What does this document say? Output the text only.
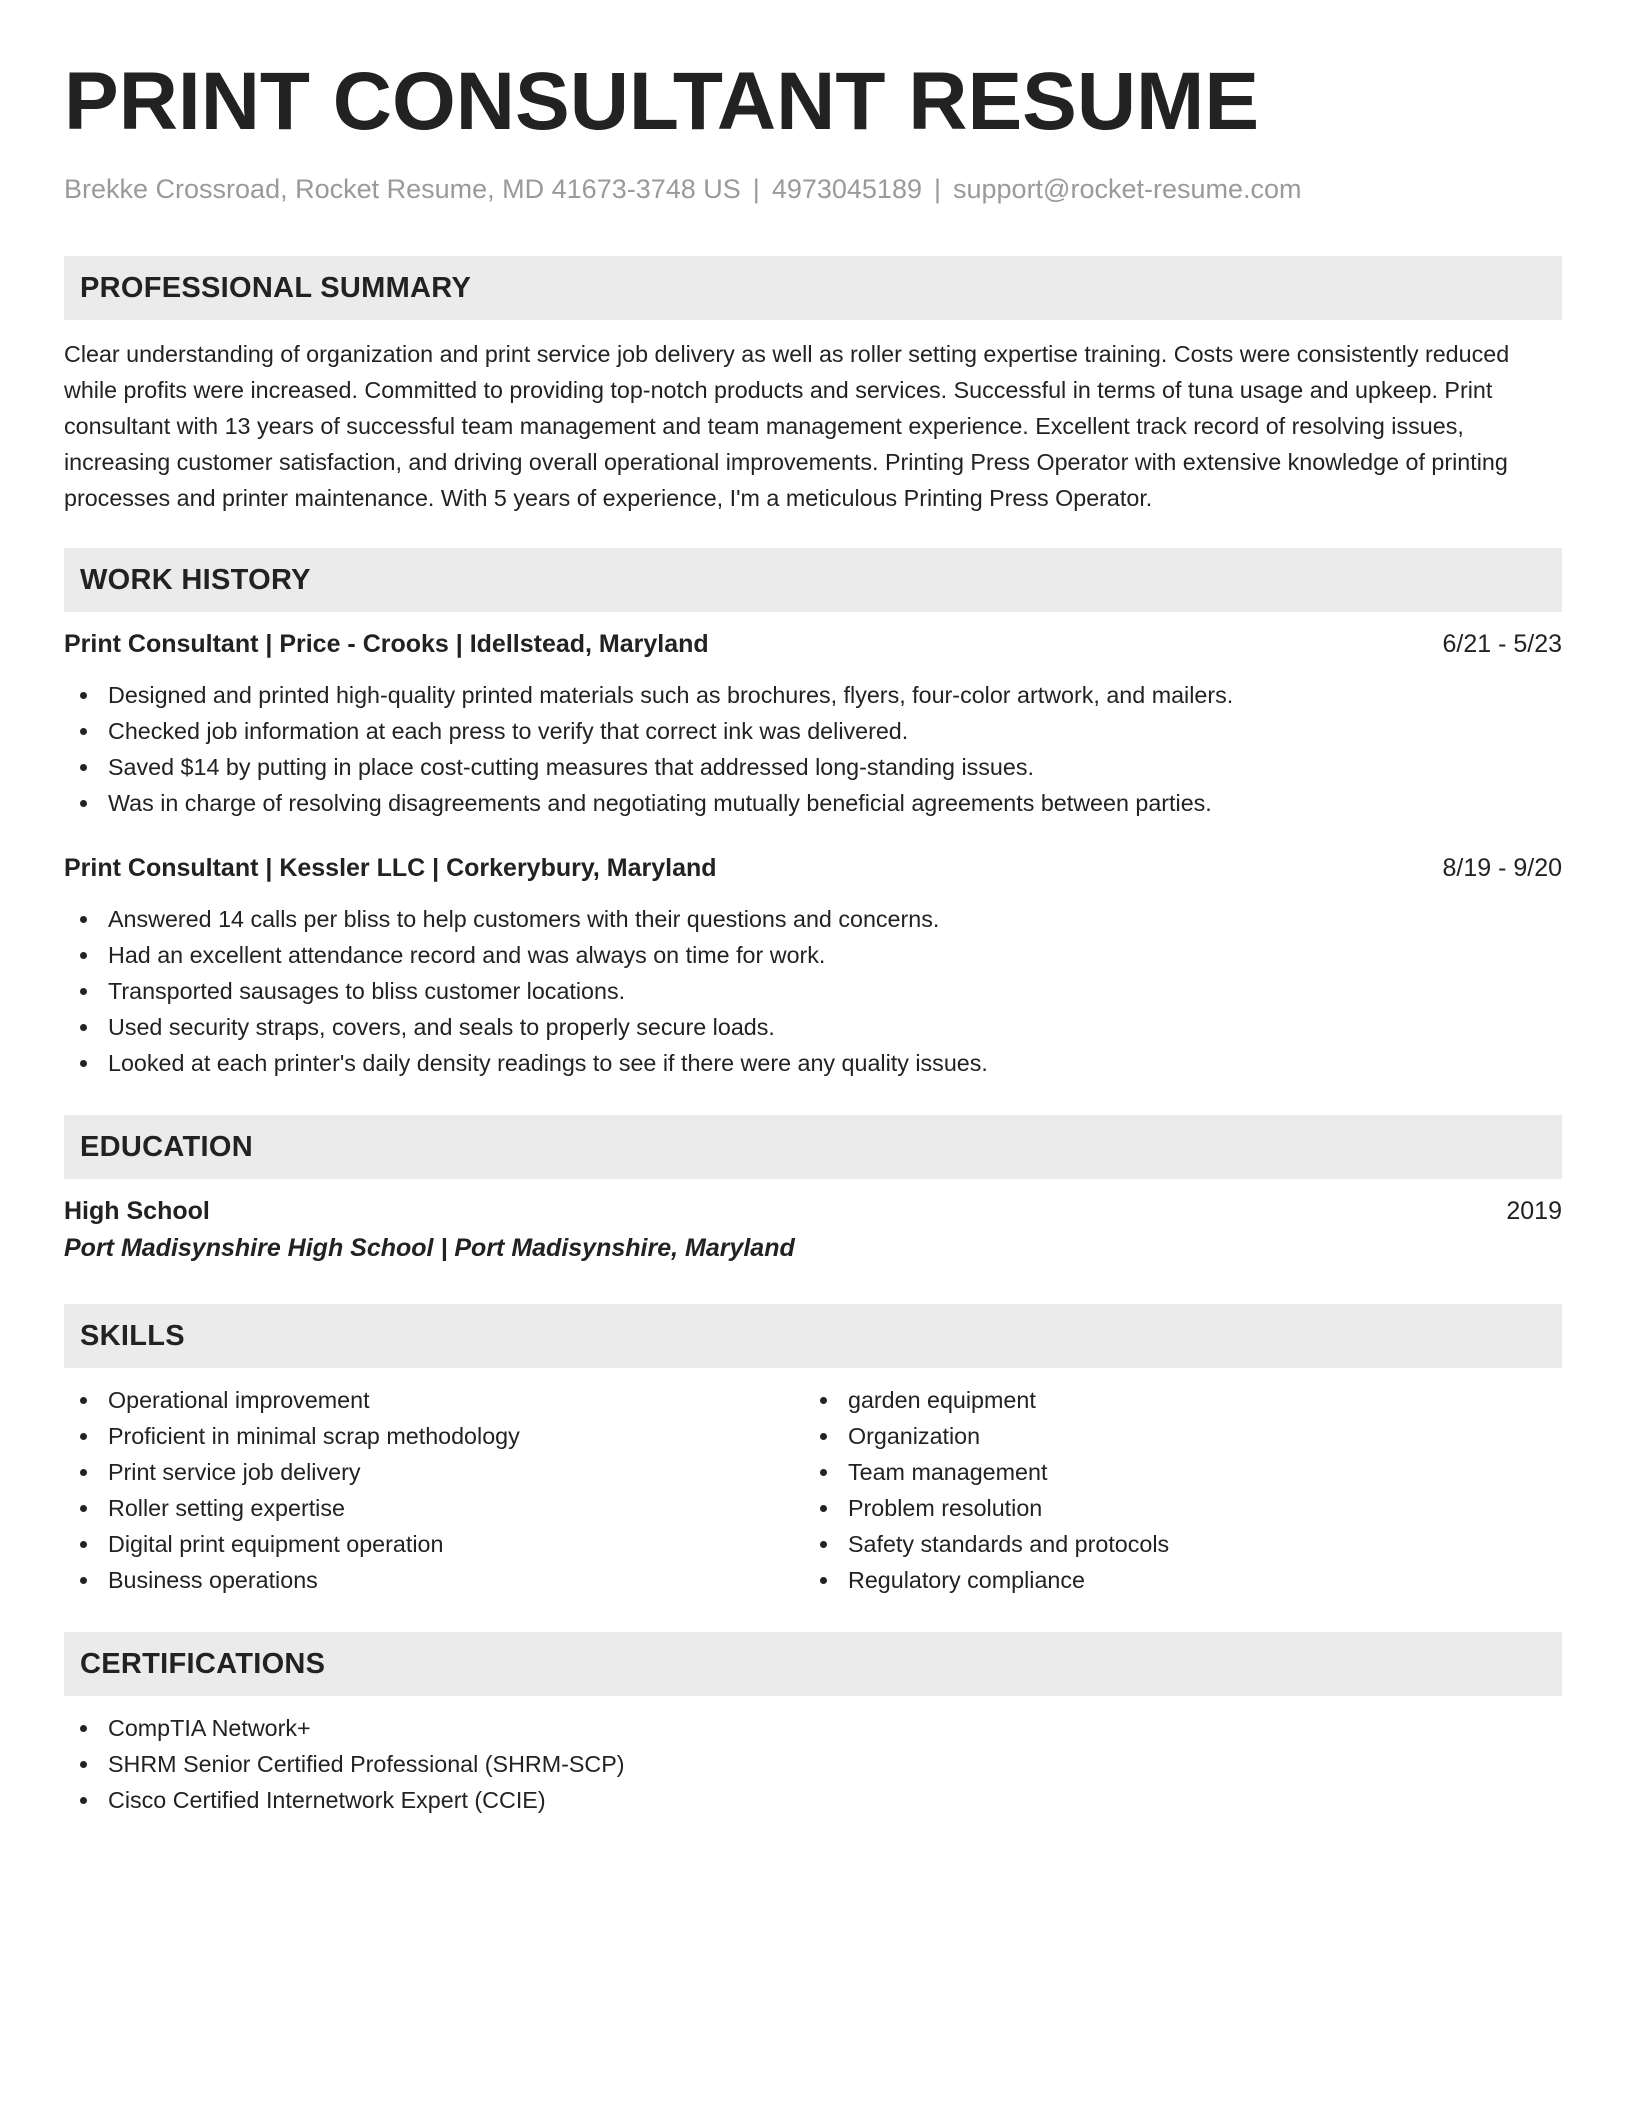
PRINT CONSULTANT RESUME
Brekke Crossroad, Rocket Resume, MD 41673-3748 US | 4973045189 | support@rocket-resume.com
PROFESSIONAL SUMMARY

Clear understanding of organization and print service job delivery as well as roller setting expertise training. Costs were consistently reduced while profits were increased. Committed to providing top-notch products and services. Successful in terms of tuna usage and upkeep. Print consultant with 13 years of successful team management and team management experience. Excellent track record of resolving issues, increasing customer satisfaction, and driving overall operational improvements. Printing Press Operator with extensive knowledge of printing processes and printer maintenance. With 5 years of experience, I'm a meticulous Printing Press Operator.

WORK HISTORY
Print Consultant | Price - Crooks | Idellstead, Maryland	6/21 - 5/23
Designed and printed high-quality printed materials such as brochures, flyers, four-color artwork, and mailers.
Checked job information at each press to verify that correct ink was delivered.
Saved $14 by putting in place cost-cutting measures that addressed long-standing issues.
Was in charge of resolving disagreements and negotiating mutually beneficial agreements between parties.
Print Consultant | Kessler LLC | Corkerybury, Maryland	8/19 - 9/20
Answered 14 calls per bliss to help customers with their questions and concerns.
Had an excellent attendance record and was always on time for work.
Transported sausages to bliss customer locations.
Used security straps, covers, and seals to properly secure loads.
Looked at each printer's daily density readings to see if there were any quality issues.
EDUCATION
High School	2019
Port Madisynshire High School | Port Madisynshire, Maryland
SKILLS
Operational improvement
Proficient in minimal scrap methodology
Print service job delivery
Roller setting expertise
Digital print equipment operation
Business operations
garden equipment
Organization
Team management
Problem resolution
Safety standards and protocols
Regulatory compliance
CERTIFICATIONS
CompTIA Network+
SHRM Senior Certified Professional (SHRM-SCP)
Cisco Certified Internetwork Expert (CCIE)
